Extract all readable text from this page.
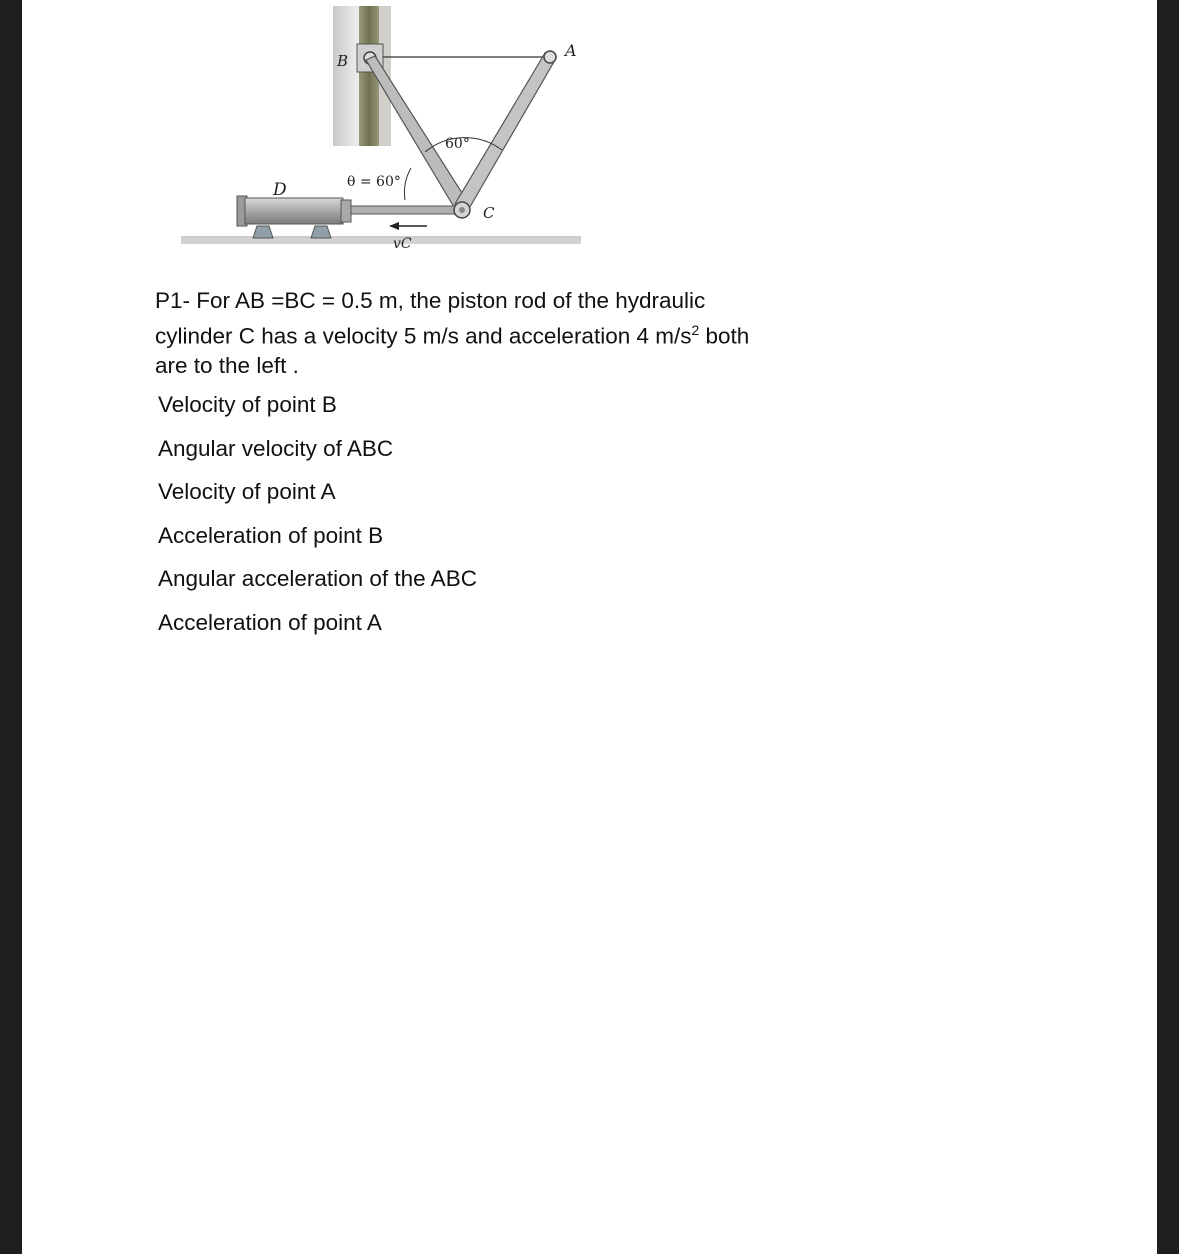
B
A
C
D
60°
θ = 60°
vC

P1- For AB =BC = 0.5 m, the piston rod of the hydraulic
cylinder C has a velocity 5 m/s and acceleration 4 $m/s^2$ both
are to the left .

Velocity of point B
Angular velocity of ABC
Velocity of point A
Acceleration of point B
Angular acceleration of the ABC
Acceleration of point A
